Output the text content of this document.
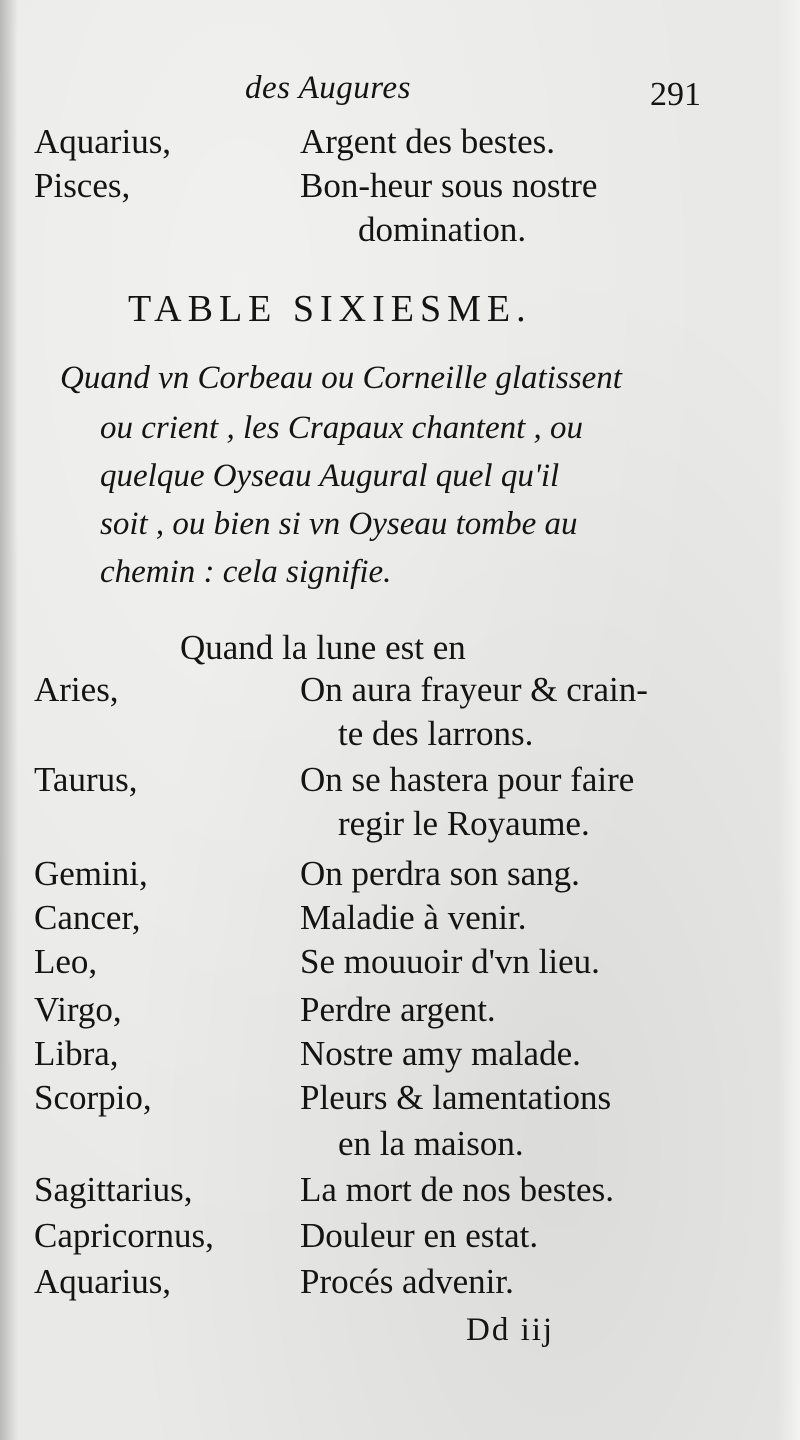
des Augures	291
Aquarius,	Argent des bestes.
Pisces,	Bon-heur sous nostre
domination.
TABLE SIXIESME.
Quand vn Corbeau ou Corneille glatissent
ou crient , les Crapaux chantent , ou
quelque Oyseau Augural quel qu'il
soit , ou bien si vn Oyseau tombe au
chemin : cela signifie.
Quand la lune est en
Aries,	On aura frayeur & crain-
te des larrons.
Taurus,	On se hastera pour faire
regir le Royaume.
Gemini,	On perdra son sang.
Cancer,	Maladie à venir.
Leo,	Se mouuoir d'vn lieu.
Virgo,	Perdre argent.
Libra,	Nostre amy malade.
Scorpio,	Pleurs & lamentations
en la maison.
Sagittarius,	La mort de nos bestes.
Capricornus, Douleur en estat.
Aquarius,	Procés advenir.
Dd iij
